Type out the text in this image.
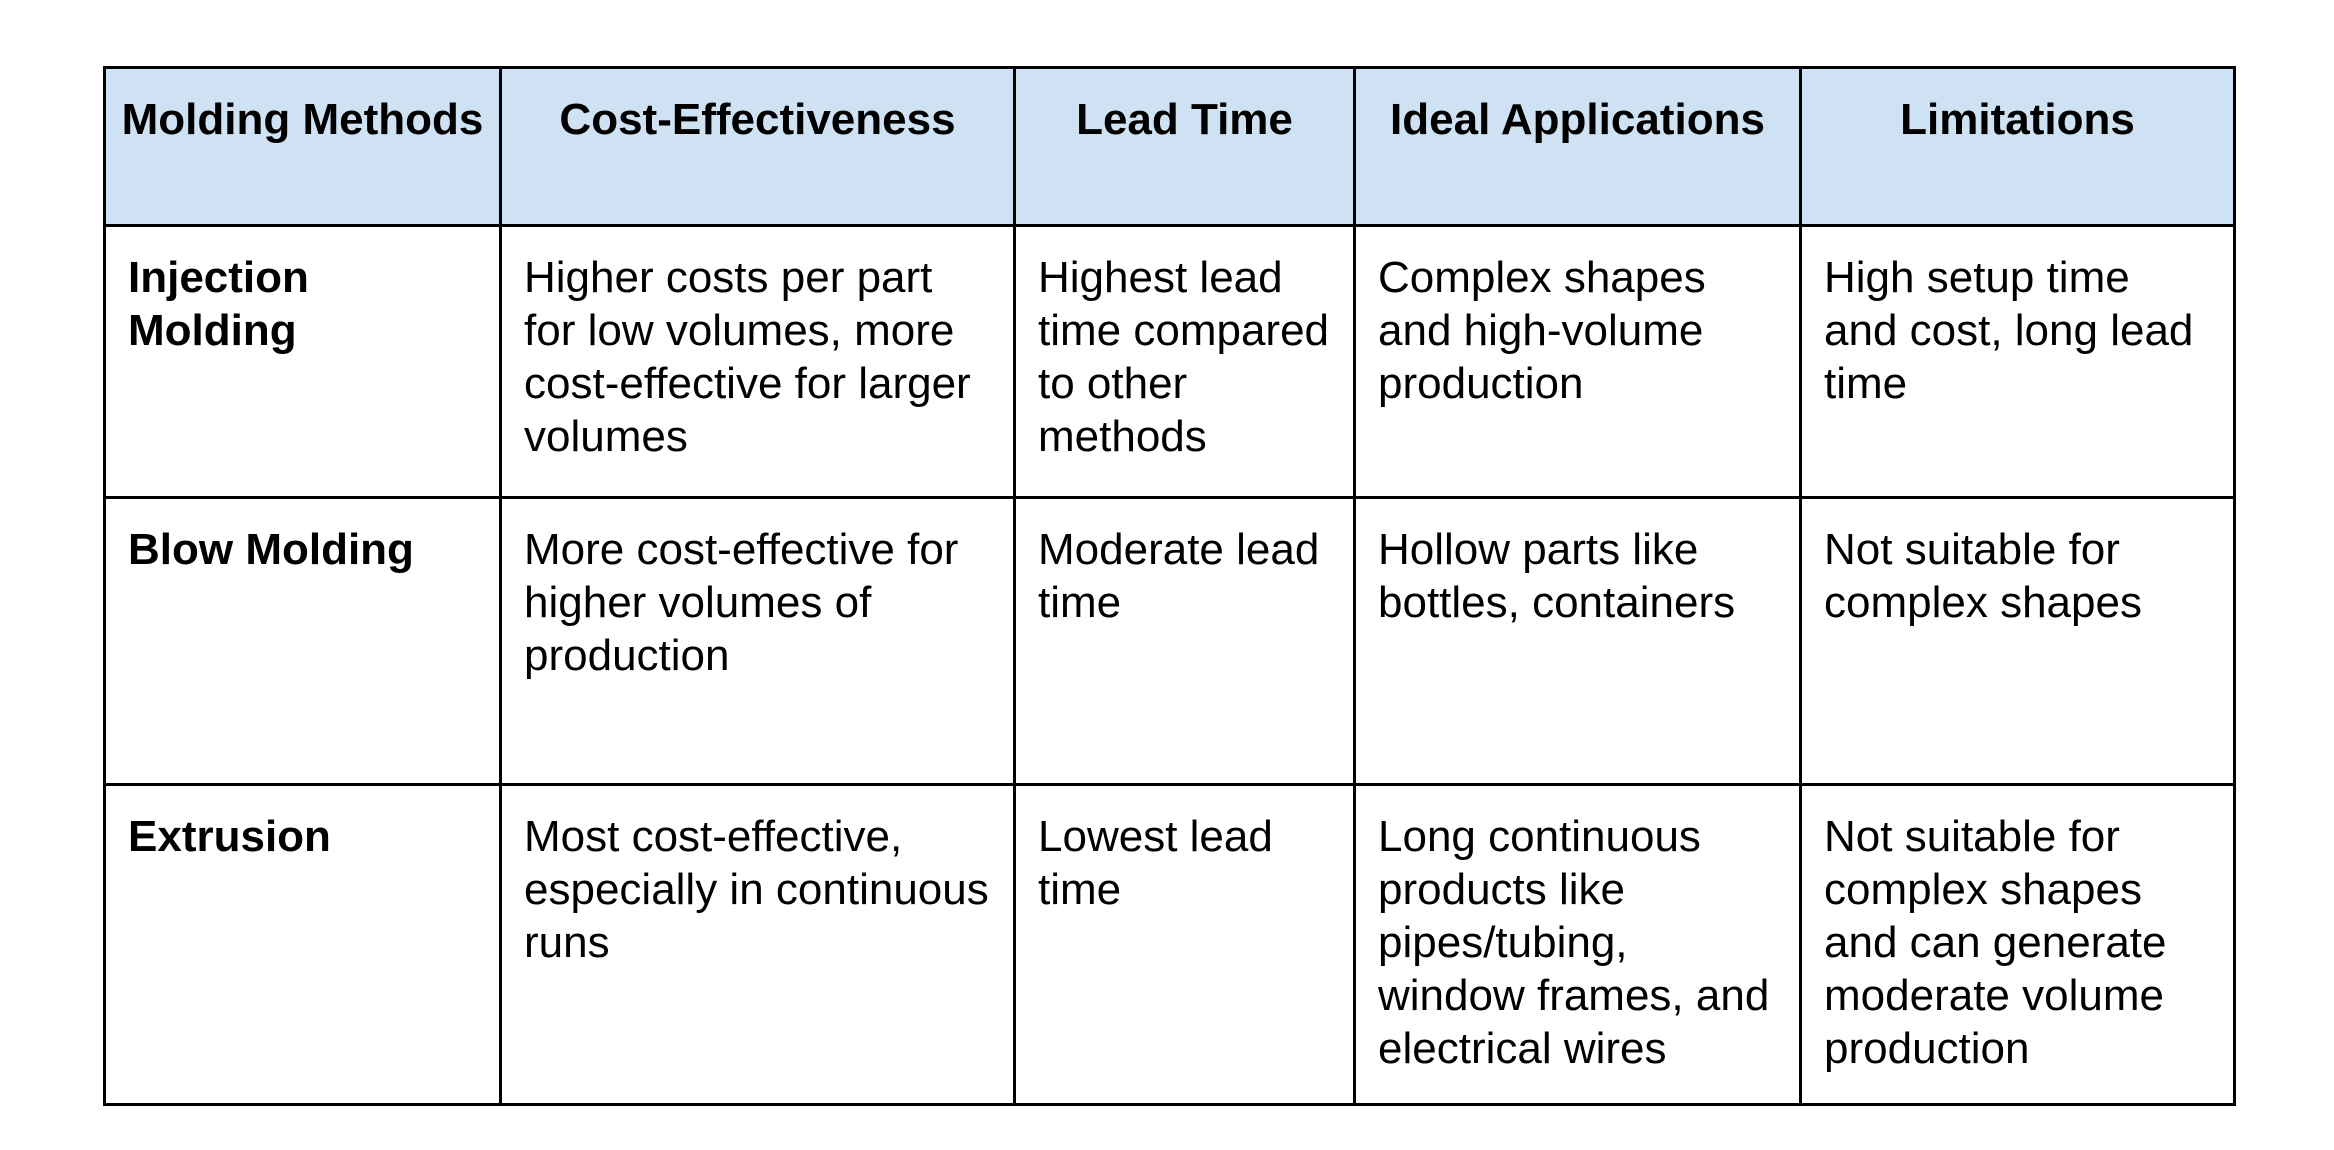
Molding Methods	Cost-Effectiveness	Lead Time	Ideal Applications	Limitations
Injection Molding	Higher costs per part for low volumes, more cost-effective for larger volumes	Highest lead time compared to other methods	Complex shapes and high-volume production	High setup time and cost, long lead time
Blow Molding	More cost-effective for higher volumes of production	Moderate lead time	Hollow parts like bottles, containers	Not suitable for complex shapes
Extrusion	Most cost-effective, especially in continuous runs	Lowest lead time	Long continuous products like pipes/tubing, window frames, and electrical wires	Not suitable for complex shapes and can generate moderate volume production
